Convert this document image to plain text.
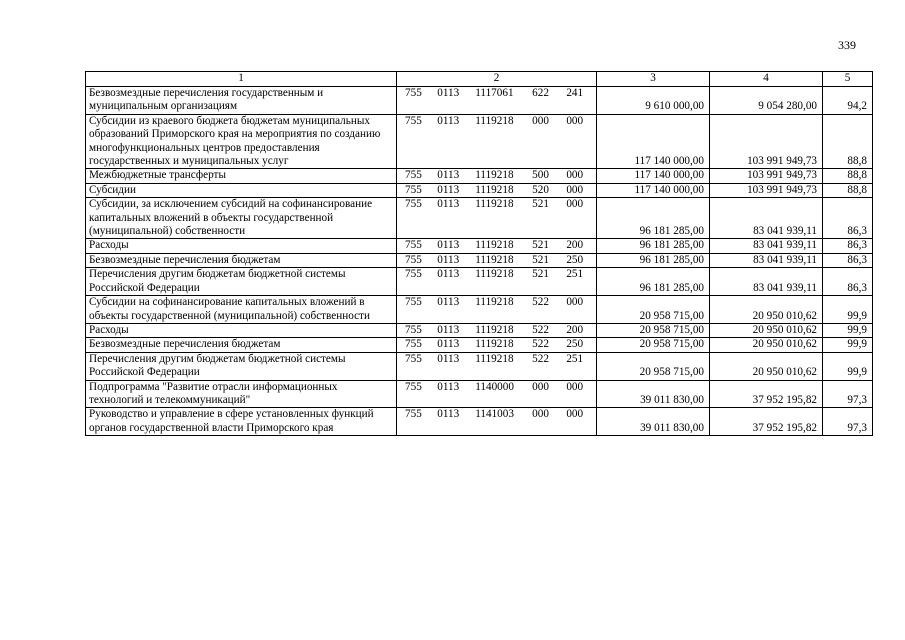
339
1	2	3	4	5
Безвозмездные перечисления государственным и муниципальным организациям	755 0113 1117061 622 241	9 610 000,00	9 054 280,00	94,2
Субсидии из краевого бюджета бюджетам муниципальных образований Приморского края на мероприятия по созданию многофункциональных центров предоставления государственных и муниципальных услуг	755 0113 1119218 000 000	117 140 000,00	103 991 949,73	88,8
Межбюджетные трансферты	755 0113 1119218 500 000	117 140 000,00	103 991 949,73	88,8
Субсидии	755 0113 1119218 520 000	117 140 000,00	103 991 949,73	88,8
Субсидии, за исключением субсидий на софинансирование капитальных вложений в объекты государственной (муниципальной) собственности	755 0113 1119218 521 000	96 181 285,00	83 041 939,11	86,3
Расходы	755 0113 1119218 521 200	96 181 285,00	83 041 939,11	86,3
Безвозмездные перечисления бюджетам	755 0113 1119218 521 250	96 181 285,00	83 041 939,11	86,3
Перечисления другим бюджетам бюджетной системы Российской Федерации	755 0113 1119218 521 251	96 181 285,00	83 041 939,11	86,3
Субсидии на софинансирование капитальных вложений в объекты государственной (муниципальной) собственности	755 0113 1119218 522 000	20 958 715,00	20 950 010,62	99,9
Расходы	755 0113 1119218 522 200	20 958 715,00	20 950 010,62	99,9
Безвозмездные перечисления бюджетам	755 0113 1119218 522 250	20 958 715,00	20 950 010,62	99,9
Перечисления другим бюджетам бюджетной системы Российской Федерации	755 0113 1119218 522 251	20 958 715,00	20 950 010,62	99,9
Подпрограмма "Развитие отрасли информационных технологий и телекоммуникаций"	755 0113 1140000 000 000	39 011 830,00	37 952 195,82	97,3
Руководство и управление в сфере установленных функций органов государственной власти Приморского края	755 0113 1141003 000 000	39 011 830,00	37 952 195,82	97,3
